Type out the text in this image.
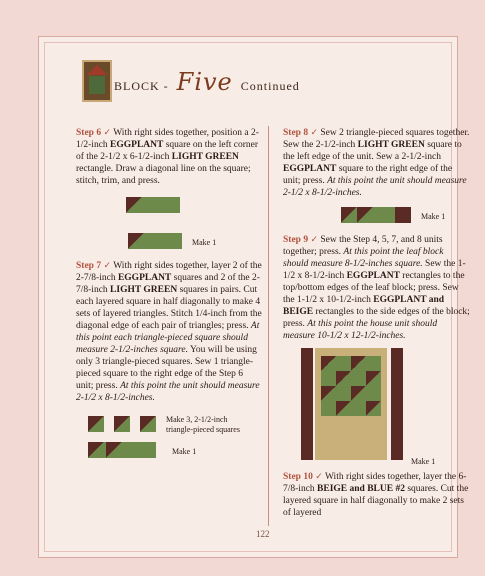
BLOCK - Five Continued

Step 6 ✓ With right sides together, position a 2-1/2-inch EGGPLANT square on the left corner of the 2-1/2 x 6-1/2-inch LIGHT GREEN rectangle. Draw a diagonal line on the square; stitch, trim, and press.

Make 1

Step 7 ✓ With right sides together, layer 2 of the 2-7/8-inch EGGPLANT squares and 2 of the 2-7/8-inch LIGHT GREEN squares in pairs. Cut each layered square in half diagonally to make 4 sets of layered triangles. Stitch 1/4-inch from the diagonal edge of each pair of triangles; press. At this point each triangle-pieced square should measure 2-1/2-inches square. You will be using only 3 triangle-pieced squares. Sew 1 triangle-pieced square to the right edge of the Step 6 unit; press. At this point the unit should measure 2-1/2 x 8-1/2-inches.

Make 3, 2-1/2-inch
triangle-pieced squares
Make 1

Step 8 ✓ Sew 2 triangle-pieced squares together. Sew the 2-1/2-inch LIGHT GREEN square to the left edge of the unit. Sew a 2-1/2-inch EGGPLANT square to the right edge of the unit; press. At this point the unit should measure 2-1/2 x 8-1/2-inches.

Make 1

Step 9 ✓ Sew the Step 4, 5, 7, and 8 units together; press. At this point the leaf block should measure 8-1/2-inches square. Sew the 1-1/2 x 8-1/2-inch EGGPLANT rectangles to the top/bottom edges of the leaf block; press. Sew the 1-1/2 x 10-1/2-inch EGGPLANT and BEIGE rectangles to the side edges of the block; press. At this point the house unit should measure 10-1/2 x 12-1/2-inches.

Make 1

Step 10 ✓ With right sides together, layer the 6-7/8-inch BEIGE and BLUE #2 squares. Cut the layered square in half diagonally to make 2 sets of layered

122
